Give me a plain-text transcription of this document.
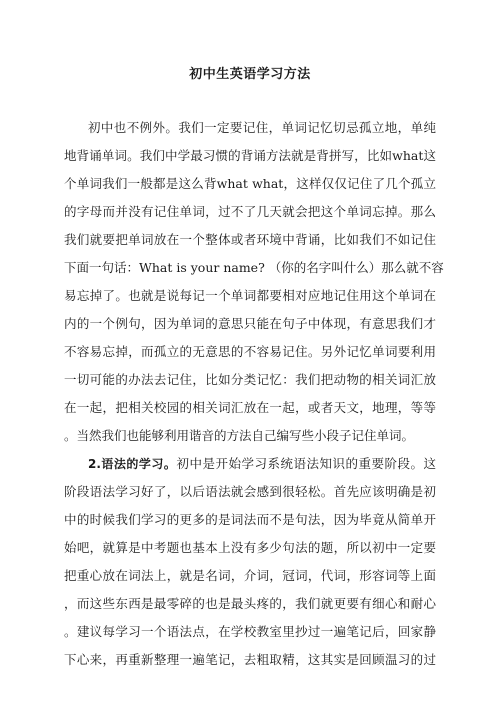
初中生英语学习方法
初中也不例外。我们一定要记住，单词记忆切忌孤立地，单纯
地背诵单词。我们中学最习惯的背诵方法就是背拼写，比如what这
个单词我们一般都是这么背what what，这样仅仅记住了几个孤立
的字母而并没有记住单词，过不了几天就会把这个单词忘掉。那么
我们就要把单词放在一个整体或者环境中背诵，比如我们不如记住
下面一句话：What is your name? （你的名字叫什么）那么就不容
易忘掉了。也就是说每记一个单词都要相对应地记住用这个单词在
内的一个例句，因为单词的意思只能在句子中体现，有意思我们才
不容易忘掉，而孤立的无意思的不容易记住。另外记忆单词要利用
一切可能的办法去记住，比如分类记忆：我们把动物的相关词汇放
在一起，把相关校园的相关词汇放在一起，或者天文，地理，等等
。当然我们也能够利用谐音的方法自己编写些小段子记住单词。
2.语法的学习。初中是开始学习系统语法知识的重要阶段。这
阶段语法学习好了，以后语法就会感到很轻松。首先应该明确是初
中的时候我们学习的更多的是词法而不是句法，因为毕竟从简单开
始吧，就算是中考题也基本上没有多少句法的题，所以初中一定要
把重心放在词法上，就是名词，介词，冠词，代词，形容词等上面
，而这些东西是最零碎的也是最头疼的，我们就更要有细心和耐心
。建议每学习一个语法点，在学校教室里抄过一遍笔记后，回家静
下心来，再重新整理一遍笔记，去粗取精，这其实是回顾温习的过
